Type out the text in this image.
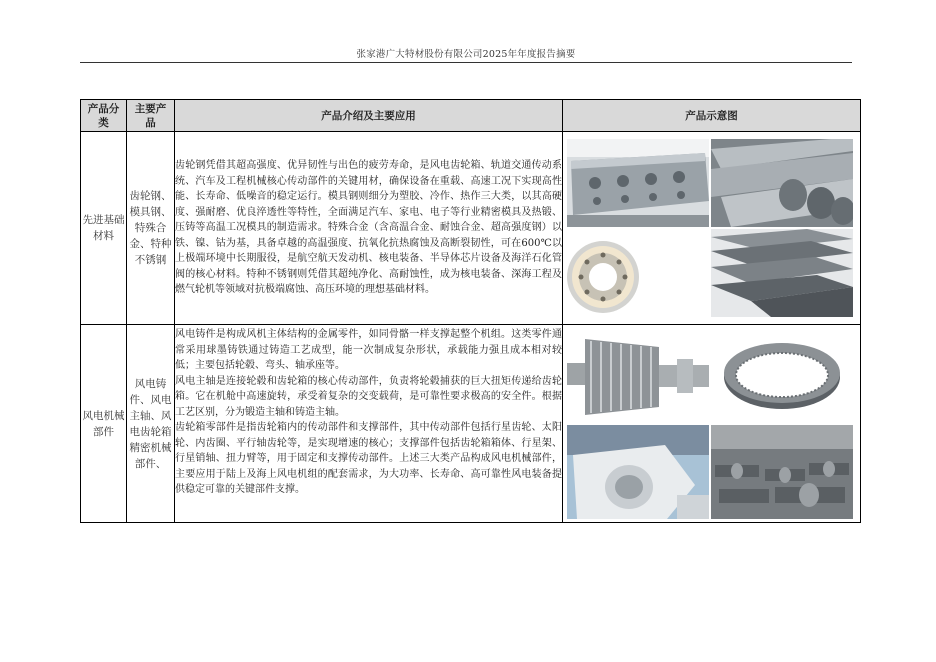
张家港广大特材股份有限公司2025年年度报告摘要
产品分类	主要产品	产品介绍及主要应用	产品示意图
先进基础材料	齿轮钢、模具钢、特殊合金、特种不锈钢	齿轮钢凭借其超高强度、优异韧性与出色的疲劳寿命，是风电齿轮箱、轨道交通传动系统、汽车及工程机械核心传动部件的关键用材，确保设备在重载、高速工况下实现高性能、长寿命、低噪音的稳定运行。模具钢则细分为塑胶、冷作、热作三大类，以其高硬度、强耐磨、优良淬透性等特性，全面满足汽车、家电、电子等行业精密模具及热锻、压铸等高温工况模具的制造需求。特殊合金（含高温合金、耐蚀合金、超高强度钢）以铁、镍、钴为基，具备卓越的高温强度、抗氧化抗热腐蚀及高断裂韧性，可在600℃以上极端环境中长期服役，是航空航天发动机、核电装备、半导体芯片设备及海洋石化管阀的核心材料。特种不锈钢则凭借其超纯净化、高耐蚀性，成为核电装备、深海工程及燃气轮机等领域对抗极端腐蚀、高压环境的理想基础材料。

风电机械部件	风电铸件、风电主轴、风电齿轮箱精密机械部件、	风电铸件是构成风机主体结构的金属零件，如同骨骼一样支撑起整个机组。这类零件通常采用球墨铸铁通过铸造工艺成型，能一次制成复杂形状，承载能力强且成本相对较低；主要包括轮毂、弯头、轴承座等。

风电主轴是连接轮毂和齿轮箱的核心传动部件，负责将轮毂捕获的巨大扭矩传递给齿轮箱。它在机舱中高速旋转，承受着复杂的交变载荷，是可靠性要求极高的安全件。根据工艺区别，分为锻造主轴和铸造主轴。

齿轮箱零部件是指齿轮箱内的传动部件和支撑部件，其中传动部件包括行星齿轮、太阳轮、内齿圈、平行轴齿轮等，是实现增速的核心；支撑部件包括齿轮箱箱体、行星架、行星销轴、扭力臂等，用于固定和支撑传动部件。上述三大类产品构成风电机械部件，主要应用于陆上及海上风电机组的配套需求，为大功率、长寿命、高可靠性风电装备提供稳定可靠的关键部件支撑。
